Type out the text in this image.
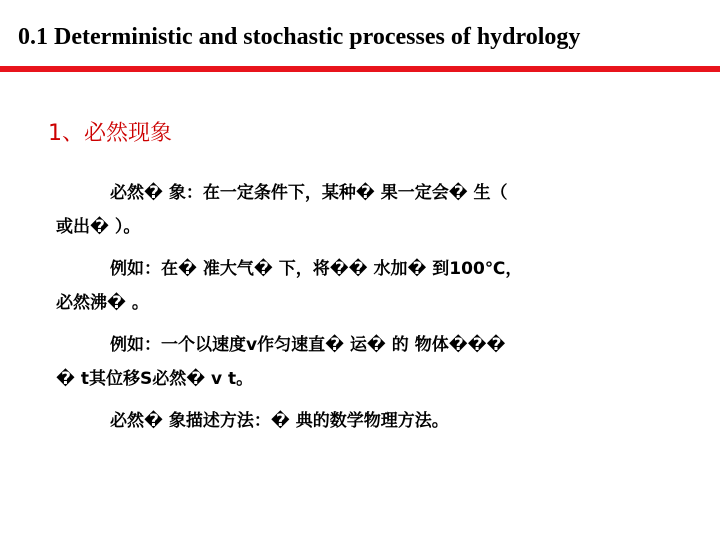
0.1 Deterministic and stochastic processes of hydrology
1、必然现象
必然� 象：在一定条件下，某种� 果一定会� 生（
或出� ）。
例如：在� 准大气� 下，将�� 水加� 到100℃，
必然沸� 。
例如：一个以速度v作匀速直� 运� 的 物体���
� t其位移S必然� v t。
必然� 象描述方法：� 典的数学物理方法。
